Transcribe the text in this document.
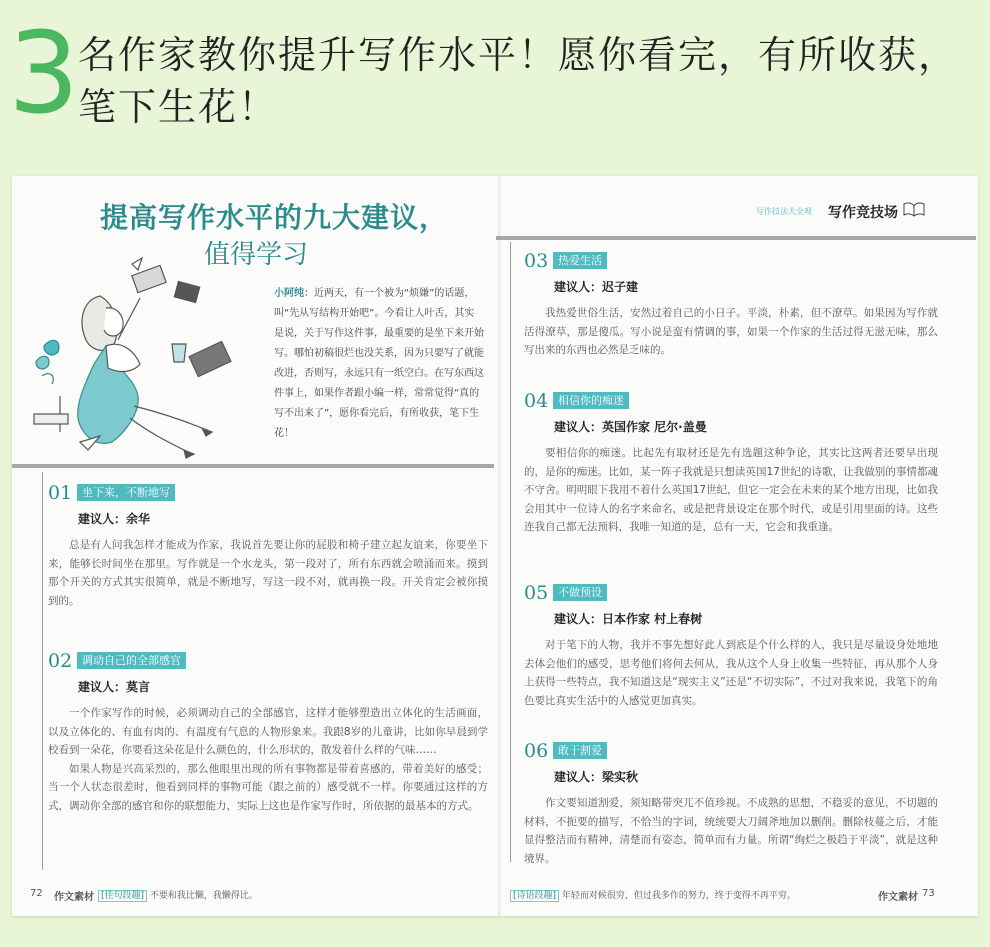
3
名作家教你提升写作水平！愿你看完，有所收获，
笔下生花！
提高写作水平的九大建议，
值得学习
小阿纯：近两天，有一个被为“烦嫌”的话题，叫“先从写结构开始吧”。今看让人叶舌，其实是说，关于写作这件事，最重要的是坐下来开始写。哪怕初稿很烂也没关系，因为只要写了就能改进，否则写，永远只有一纸空白。在写东西这件事上，如果作者跟小编一样，常常觉得“真的写不出来了”，愿你看完后，有所收获，笔下生花！
01 坐下来，不断地写
建议人：余华

总是有人问我怎样才能成为作家，我说首先要让你的屁股和椅子建立起友谊来，你要坐下来，能够长时间坐在那里。写作就是一个水龙头，第一段对了，所有东西就会喷涌而来。摸到那个开关的方式其实很简单，就是不断地写，写这一段不对，就再换一段。开关肯定会被你摸到的。

02 调动自己的全部感官
建议人：莫言

一个作家写作的时候，必须调动自己的全部感官，这样才能够塑造出立体化的生活画面，以及立体化的、有血有肉的、有温度有气息的人物形象来。我跟8岁的儿童讲，比如你早晨到学校看到一朵花，你要看这朵花是什么颜色的，什么形状的，散发着什么样的气味……

如果人物是兴高采烈的，那么他眼里出现的所有事物都是带着喜感的，带着美好的感受；当一个人状态很差时，他看到同样的事物可能（跟之前的）感受就不一样。你要通过这样的方式，调动你全部的感官和你的联想能力，实际上这也是作家写作时，所依据的最基本的方式。

72 作文素材 [佳句段趣] 不要和我比懒，我懒得比。
写作技法大全观 写作竞技场
03 热爱生活
建议人：迟子建

我热爱世俗生活，安然过着自己的小日子。平淡，朴素，但不潦草。如果因为写作就活得潦草，那是傻瓜。写小说是蛮有情调的事，如果一个作家的生活过得无滋无味，那么写出来的东西也必然是乏味的。

04 相信你的痴迷
建议人：英国作家 尼尔·盖曼

要相信你的痴迷。比起先有取材还是先有选题这种争论，其实比这两者还要早出现的，是你的痴迷。比如，某一阵子我就是只想读英国17世纪的诗歌，让我做别的事情都魂不守舍。明明眼下我用不着什么英国17世纪，但它一定会在未来的某个地方出现，比如我会用其中一位诗人的名字来命名，或是把背景设定在那个时代，或是引用里面的诗。这些连我自己都无法预料，我唯一知道的是，总有一天，它会和我重逢。

05 不做预设
建议人：日本作家 村上春树

对于笔下的人物，我并不事先想好此人到底是个什么样的人，我只是尽量设身处地地去体会他们的感受，思考他们将何去何从，我从这个人身上收集一些特征，再从那个人身上获得一些特点，我不知道这是“现实主义”还是“不切实际”，不过对我来说，我笔下的角色要比真实生活中的人感觉更加真实。

06 敢于割爱
建议人：梁实秋

作文要知道割爱，须知略带突兀不值珍视。不成熟的思想，不稳妥的意见，不切题的材料，不扼要的描写，不恰当的字词，统统要大刀阔斧地加以删削。删除枝蔓之后，才能显得整洁而有精神，清楚而有姿态，简单而有力量。所谓“绚烂之极趋于平淡”，就是这种境界。

[诗语段趣] 年轻而对候很穷，但过我多作的努力，终于变得不再平穷。	作文素材 73
